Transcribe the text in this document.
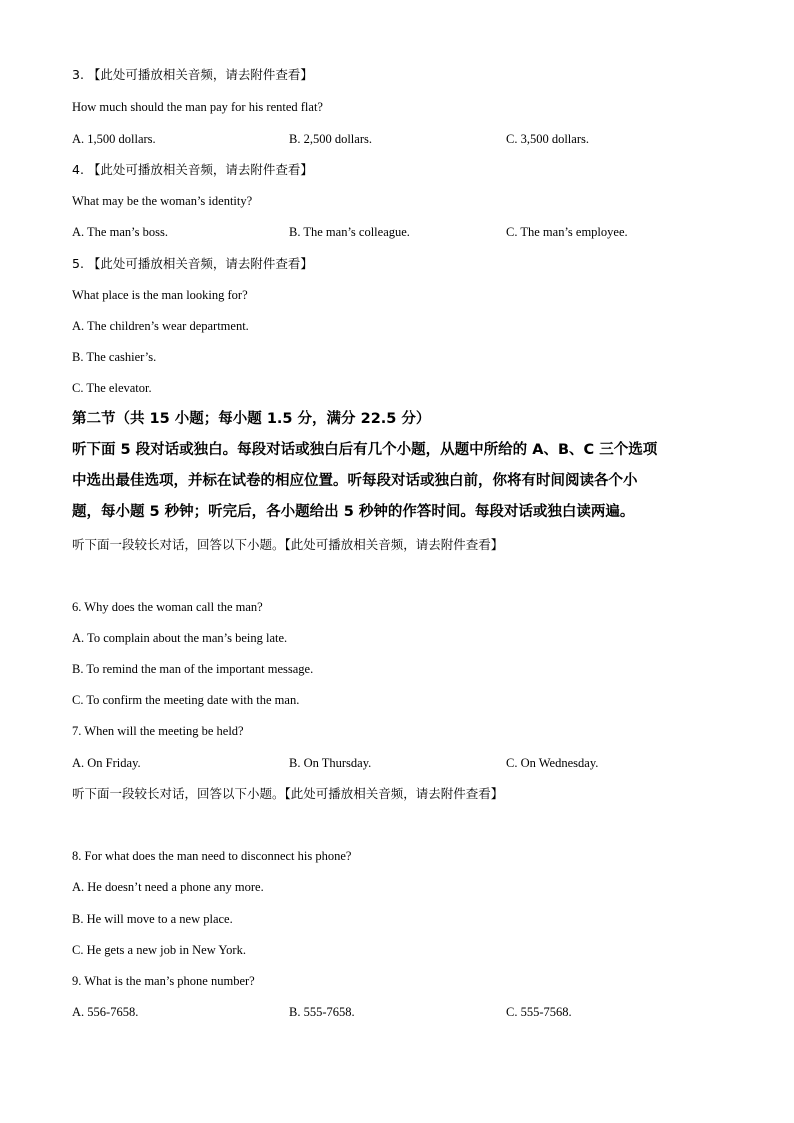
3. 【此处可播放相关音频，请去附件查看】
How much should the man pay for his rented flat?
A. 1,500 dollars.	B. 2,500 dollars.	C. 3,500 dollars.
4. 【此处可播放相关音频，请去附件查看】
What may be the woman’s identity?
A. The man’s boss.	B. The man’s colleague.	C. The man’s employee.
5. 【此处可播放相关音频，请去附件查看】
What place is the man looking for?
A. The children’s wear department.
B. The cashier’s.
C. The elevator.
第二节（共 15 小题；每小题 1.5 分，满分 22.5 分）
听下面 5 段对话或独白。每段对话或独白后有几个小题，从题中所给的 A、B、C 三个选项
中选出最佳选项，并标在试卷的相应位置。听每段对话或独白前，你将有时间阅读各个小
题，每小题 5 秒钟；听完后，各小题给出 5 秒钟的作答时间。每段对话或独白读两遍。
听下面一段较长对话，回答以下小题。【此处可播放相关音频，请去附件查看】
6. Why does the woman call the man?
A. To complain about the man’s being late.
B. To remind the man of the important message.
C. To confirm the meeting date with the man.
7. When will the meeting be held?
A. On Friday.	B. On Thursday.	C. On Wednesday.
听下面一段较长对话，回答以下小题。【此处可播放相关音频，请去附件查看】
8. For what does the man need to disconnect his phone?
A. He doesn’t need a phone any more.
B. He will move to a new place.
C. He gets a new job in New York.
9. What is the man’s phone number?
A. 556-7658.	B. 555-7658.	C. 555-7568.
